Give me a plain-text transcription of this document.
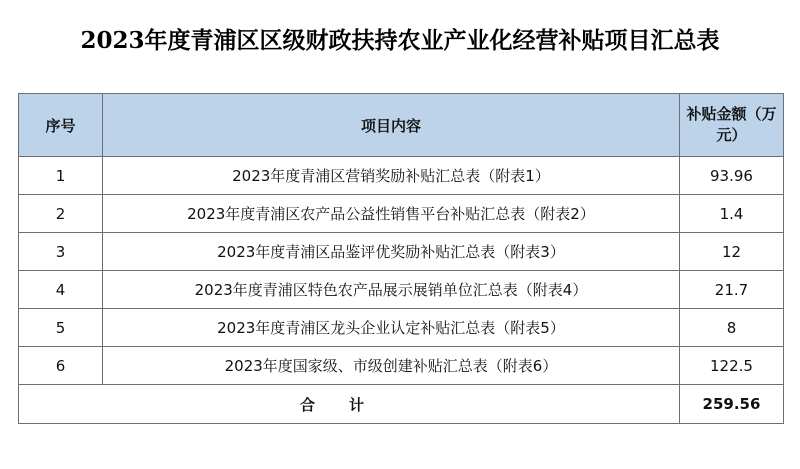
2023年度青浦区区级财政扶持农业产业化经营补贴项目汇总表
序号	项目内容	补贴金额（万元）
1	2023年度青浦区营销奖励补贴汇总表（附表1）	93.96
2	2023年度青浦区农产品公益性销售平台补贴汇总表（附表2）	1.4
3	2023年度青浦区品鉴评优奖励补贴汇总表（附表3）	12
4	2023年度青浦区特色农产品展示展销单位汇总表（附表4）	21.7
5	2023年度青浦区龙头企业认定补贴汇总表（附表5）	8
6	2023年度国家级、市级创建补贴汇总表（附表6）	122.5
合计		259.56
